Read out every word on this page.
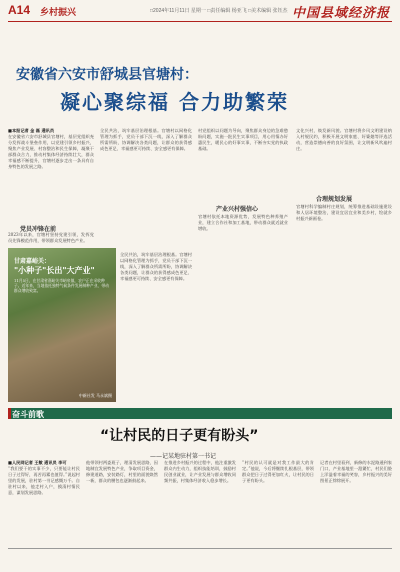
A14 乡村振兴	□2024年11月11日 星期一 □责任编辑 杨亚飞 □美术编辑 张钰杰 中国县域经济报
安徽省六安市舒城县官塘村：
凝心聚综福 合力助繁荣
■本报记者 金 磊 通讯员
在安徽省六安市舒城县官塘村，基层党组织充分发挥战斗堡垒作用，以党建引领乡村振兴，聚焦产业发展、村容整治和民生保障，凝聚干部群众合力，推动村集体经济持续壮大，群众幸福感不断提升，官塘村逐步走出一条具有自身特色的发展之路。
党员冲锋在前
2023年以来，官塘村坚持党建引领，发挥党员先锋模范作用，带领群众发展特色产业。
全民共治，筑牢基层治理根基。官塘村以网格化管理为抓手，党员干部下沉一线，深入了解群众所需所盼，协调解决各类问题，让群众的获得感成色更足、幸福感更可持续、安全感更有保障。
村党组织以问题为导向，聚焦群众身边的急难愁盼问题，实施一批民生实事项目，用心用情办好惠民生，暖民心的好事实事，不断夯实党的执政基础。
产业兴村强信心
官塘村依托本地资源优势，发展特色种养殖产业，建立合作社和加工基地，带动群众就近就业增收。
文化兴村，焕发新风貌。官塘村将乡风文明建设纳入村规民约，积极开展文明家庭、好婆媳等评选活动，营造崇德向善的良好氛围，让文明新风吹遍村庄。
合理规划发展
官塘村科学编制村庄规划，统筹推进基础设施建设和人居环境整治，建设宜居宜业和美乡村，绘就乡村振兴新画卷。
全民共治，筑牢基层治理根基。官塘村以网格化管理为抓手，党员干部下沉一线，深入了解群众所需所盼，协调解决各类问题，让群众的获得感成色更足、幸福感更可持续、安全感更有保障。
甘肃嘉峪关：
"小种子"长出"大产业"
11月5日，在甘肃省嘉峪关市峪泉镇，农户正在采收种子。近年来，当地依托独特气候条件发展制种产业，带动群众增收致富。
中新社发 马永斌摄
奋斗前歌
“让村民的日子更有盼头”
——记某地驻村第一书记
■人民网记者 王敏 通讯员 李可
“我们要干的实事不少，只要能让村民日子过得好，再苦再累也值得。”说起村里的发展，驻村第一书记感慨万千。自驻村以来，他走村入户，摸清村情民意，谋划发展思路。
他带领村两委班子，理清发展思路，因地制宜发展特色产业，争取项目资金，修建道路，安装路灯，村里的面貌焕然一新，群众的腰包也逐渐鼓起来。
在推进乡村振兴的过程中，他注重激发群众内生动力，组织技能培训，鼓励村民创业就业，让产业发展与群众增收同频共振，村集体经济收入稳步增长。
“村民的认可就是对我工作最大的肯定。”他说，今后将继续扎根基层，带领群众把日子过得更加红火，让村民的日子更有盼头。
记者在村里看到，新修的水泥路通到家门口，产业基地里一派繁忙，村民们脸上洋溢着幸福的笑容，乡村振兴的美好图景正徐徐展开。
